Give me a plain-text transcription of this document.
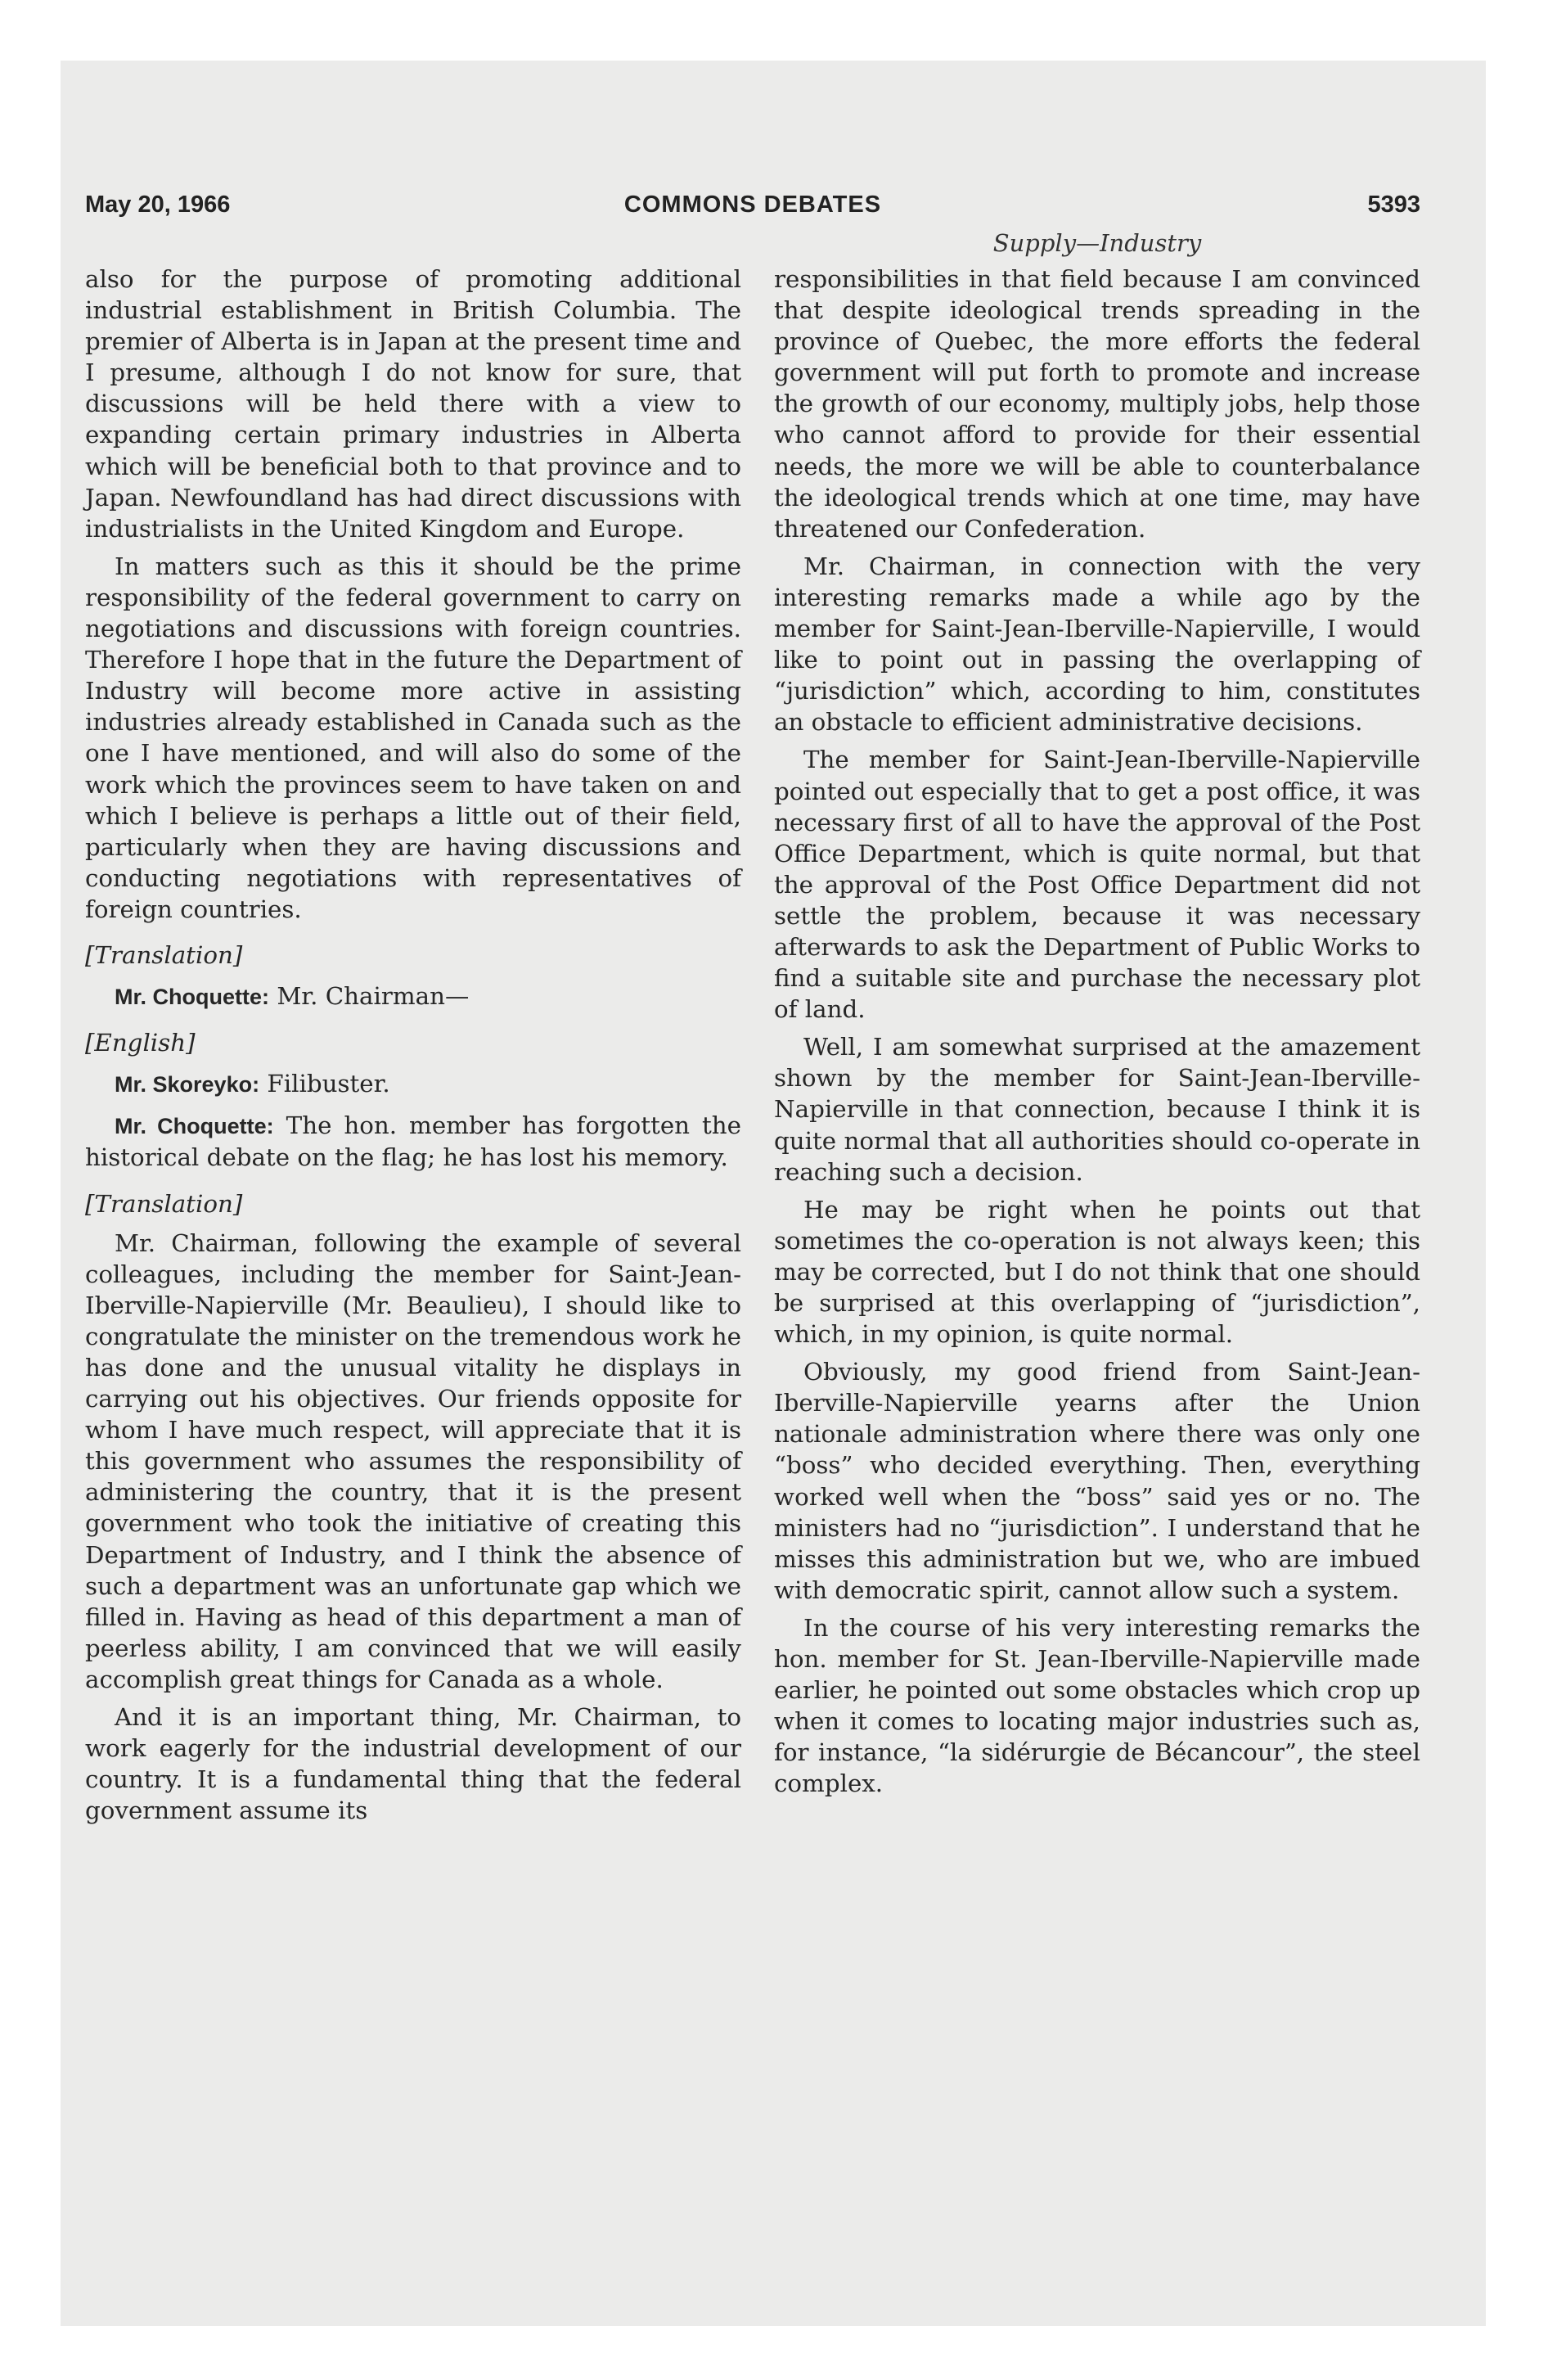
May 20, 1966	COMMONS DEBATES	5393
Supply—Industry

also for the purpose of promoting additional industrial establishment in British Columbia. The premier of Alberta is in Japan at the present time and I presume, although I do not know for sure, that discussions will be held there with a view to expanding certain primary industries in Alberta which will be beneficial both to that province and to Japan. Newfoundland has had direct discussions with industrialists in the United Kingdom and Europe.

In matters such as this it should be the prime responsibility of the federal government to carry on negotiations and discussions with foreign countries. Therefore I hope that in the future the Department of Industry will become more active in assisting industries already established in Canada such as the one I have mentioned, and will also do some of the work which the provinces seem to have taken on and which I believe is perhaps a little out of their field, particularly when they are having discussions and conducting negotiations with representatives of foreign countries.

[Translation]

Mr. Choquette: Mr. Chairman—

[English]

Mr. Skoreyko: Filibuster.

Mr. Choquette: The hon. member has forgotten the historical debate on the flag; he has lost his memory.

[Translation]

Mr. Chairman, following the example of several colleagues, including the member for Saint-Jean-Iberville-Napierville (Mr. Beaulieu), I should like to congratulate the minister on the tremendous work he has done and the unusual vitality he displays in carrying out his objectives. Our friends opposite for whom I have much respect, will appreciate that it is this government who assumes the responsibility of administering the country, that it is the present government who took the initiative of creating this Department of Industry, and I think the absence of such a department was an unfortunate gap which we filled in. Having as head of this department a man of peerless ability, I am convinced that we will easily accomplish great things for Canada as a whole.

And it is an important thing, Mr. Chairman, to work eagerly for the industrial development of our country. It is a fundamental thing that the federal government assume its

responsibilities in that field because I am convinced that despite ideological trends spreading in the province of Quebec, the more efforts the federal government will put forth to promote and increase the growth of our economy, multiply jobs, help those who cannot afford to provide for their essential needs, the more we will be able to counterbalance the ideological trends which at one time, may have threatened our Confederation.

Mr. Chairman, in connection with the very interesting remarks made a while ago by the member for Saint-Jean-Iberville-Napierville, I would like to point out in passing the overlapping of “jurisdiction” which, according to him, constitutes an obstacle to efficient administrative decisions.

The member for Saint-Jean-Iberville-Napierville pointed out especially that to get a post office, it was necessary first of all to have the approval of the Post Office Department, which is quite normal, but that the approval of the Post Office Department did not settle the problem, because it was necessary afterwards to ask the Department of Public Works to find a suitable site and purchase the necessary plot of land.

Well, I am somewhat surprised at the amazement shown by the member for Saint-Jean-Iberville-Napierville in that connection, because I think it is quite normal that all authorities should co-operate in reaching such a decision.

He may be right when he points out that sometimes the co-operation is not always keen; this may be corrected, but I do not think that one should be surprised at this overlapping of “jurisdiction”, which, in my opinion, is quite normal.

Obviously, my good friend from Saint-Jean-Iberville-Napierville yearns after the Union nationale administration where there was only one “boss” who decided everything. Then, everything worked well when the “boss” said yes or no. The ministers had no “jurisdiction”. I understand that he misses this administration but we, who are imbued with democratic spirit, cannot allow such a system.

In the course of his very interesting remarks the hon. member for St. Jean-Iberville-Napierville made earlier, he pointed out some obstacles which crop up when it comes to locating major industries such as, for instance, “la sidérurgie de Bécancour”, the steel complex.
